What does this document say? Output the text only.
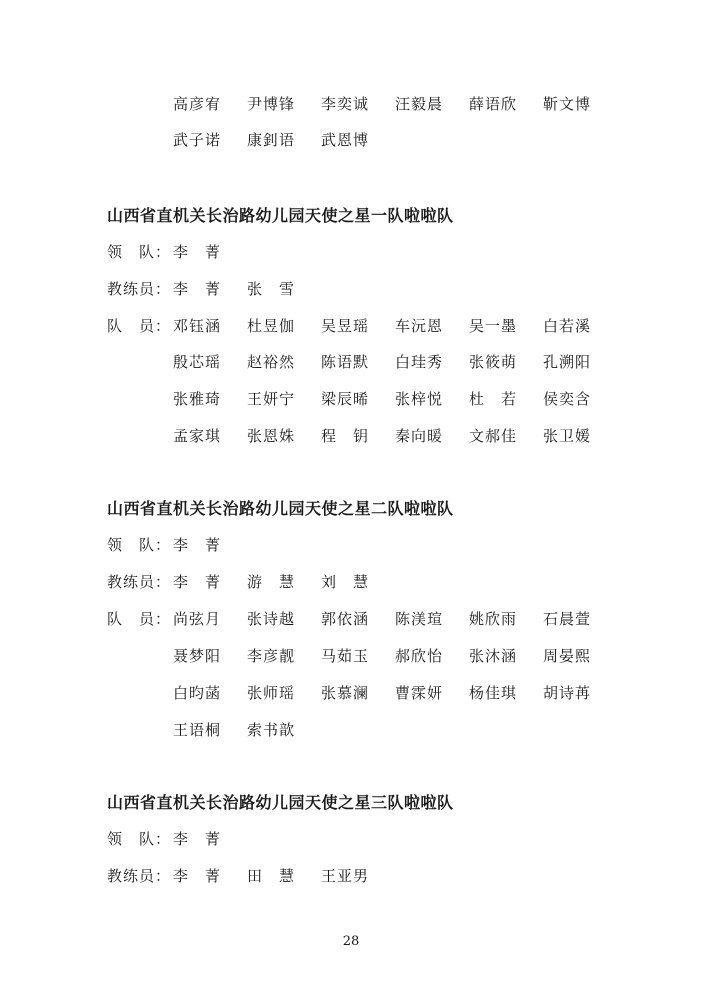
高彦宥	尹博锋	李奕诚	汪毅晨	薛语欣	靳文博
武子诺	康釗语	武恩博
山西省直机关长治路幼儿园天使之星一队啦啦队
领　队： 李　菁
教练员： 李　菁	张　雪
队　员： 邓钰涵	杜昱伽	吴昱瑶	车沅恩	吴一墨	白若溪
殷芯瑶	赵裕然	陈语默	白珪秀	张筱萌	孔溯阳
张雅琦	王妍宁	梁辰晞	张梓悦	杜　若	侯奕含
孟家琪	张恩姝	程　钥	秦向暖	文郝佳	张卫媛
山西省直机关长治路幼儿园天使之星二队啦啦队
领　队： 李　菁
教练员： 李　菁	游　慧	刘　慧
队　员： 尚弦月	张诗越	郭依涵	陈渼瑄	姚欣雨	石晨萱
聂梦阳	李彦靓	马茹玉	郝欣怡	张沐涵	周晏熙
白昀菡	张师瑶	张慕澜	曹霂妍	杨佳琪	胡诗苒
王语桐	索书歆
山西省直机关长治路幼儿园天使之星三队啦啦队
领　队： 李　菁
教练员： 李　菁	田　慧	王亚男
28
